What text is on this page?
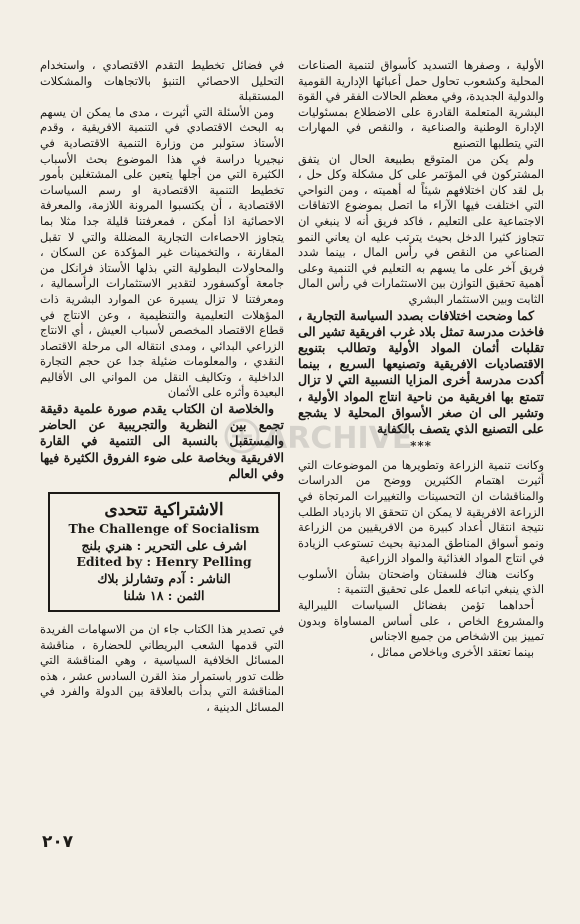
الأولية ، وصفرها التسديد كأسواق لتنمية الصناعات المحلية وكشعوب تحاول حمل أعبائها الإدارية القومية والدولية الجديدة، وفي معظم الحالات الفقر في القوة البشرية المتعلمة القادرة على الاضطلاع بمسئوليات الإدارة الوطنية والصناعية ، والنقص في المهارات التي يتطلبها التصنيع

ولم يكن من المتوقع بطبيعة الحال ان يتفق المشتركون في المؤتمر على كل مشكلة وكل حل ، بل لقد كان اختلافهم شيئاً له أهميته ، ومن النواحي التي اختلفت فيها الآراء ما اتصل بموضوع الاتفاقات الاجتماعية على التعليم ، فاكد فريق أنه لا ينبغي ان تتجاوز كثيرا الدخل بحيث يترتب عليه ان يعاني النمو الصناعي من النقص في رأس المال ، بينما شدد فريق آخر على ما يسهم به التعليم في التنمية وعلى أهمية تحقيق التوازن بين الاستثمارات في رأس المال الثابت وبين الاستثمار البشري

كما وضحت اختلافات بصدد السياسة التجارية ، فاخذت مدرسة تمثل بلاد غرب افريقية تشير الى تقلبات أثمان المواد الأولية وتطالب بتنويع الاقتصاديات الافريقية وتصنيعها السريع ، بينما أكدت مدرسة أخرى المزايا النسبية التي لا تزال تتمتع بها افريقية من ناحية انتاج المواد الأولية ، وتشير الى ان صغر الأسواق المحلية لا يشجع على التصنيع الذي يتصف بالكفاية

***

وكانت تنمية الزراعة وتطويرها من الموضوعات التي أثيرت اهتمام الكثيرين ووضح من الدراسات والمناقشات ان التحسينات والتغييرات المرتجاة في الزراعة الافريقية لا يمكن ان تتحقق الا بازدياد الطلب نتيجة انتقال أعداد كبيرة من الافريقيين من الزراعة ونمو أسواق المناطق المدنية بحيث تستوعب الزيادة في انتاج المواد الغذائية والمواد الزراعية

وكانت هناك فلسفتان واضحتان بشأن الأسلوب الذي ينبغي اتباعه للعمل على تحقيق التنمية :

أحداهما تؤمن بفضائل السياسات الليبرالية والمشروع الخاص ، على أساس المساواة وبدون تمييز بين الاشخاص من جميع الاجناس

بينما تعتقد الأخرى وباخلاص مماثل ،

في فضائل تخطيط التقدم الاقتصادي ، واستخدام التحليل الاحصائي التنبؤ بالاتجاهات والمشكلات المستقبلة

ومن الأسئلة التي أثيرت ، مدى ما يمكن ان يسهم به البحث الاقتصادي في التنمية الافريقية ، وقدم الأستاذ ستولبر من وزارة التنمية الاقتصادية في نيجيريا دراسة في هذا الموضوع بحث الأسباب الكثيرة التي من أجلها يتعين على المشتغلين بأمور تخطيط التنمية الاقتصادية او رسم السياسات الاقتصادية ، أن يكتسبوا المرونة اللازمة، والمعرفة الاحصائية اذا أمكن ، فمعرفتنا قليلة جدا مثلا بما يتجاوز الاحصاءات التجارية المضللة والتي لا تقبل المقارنة ، والتخمينات غير المؤكدة عن السكان ، والمحاولات البطولية التي بذلها الأستاذ فرانكل من جامعة أوكسفورد لتقدير الاستثمارات الرأسمالية ، ومعرفتنا لا تزال يسيرة عن الموارد البشرية ذات المؤهلات التعليمية والتنظيمية ، وعن الانتاج في قطاع الاقتصاد المخصص لأسباب العيش ، أي الانتاج الزراعي البدائي ، ومدى انتقاله الى مرحلة الاقتصاد النقدي ، والمعلومات ضئيلة جدا عن حجم التجارة الداخلية ، وتكاليف النقل من المواني الى الأقاليم البعيدة وأثره على الأثمان

والخلاصة ان الكتاب يقدم صورة علمية دقيقة تجمع بين النظرية والتجريبية عن الحاضر والمستقبل بالنسبة الى التنمية في القارة الافريقية وبخاصة على ضوء الفروق الكثيرة فيها وفي العالم

الاشتراكية تتحدى
The Challenge of Socialism
اشرف على التحرير : هنري بلنج
Edited by : Henry Pelling
الناشر : آدم وتشارلز بلاك
الثمن : ١٨ شلنا

في تصدير هذا الكتاب جاء ان من الاسهامات الفريدة التي قدمها الشعب البريطاني للحضارة ، مناقشة المسائل الخلافية السياسية ، وهي المناقشة التي ظلت تدور باستمرار منذ القرن السادس عشر ، هذه المناقشة التي بدأت بالعلاقة بين الدولة والفرد في المسائل الدينية ،

٢٠٧
ARCHIVE
